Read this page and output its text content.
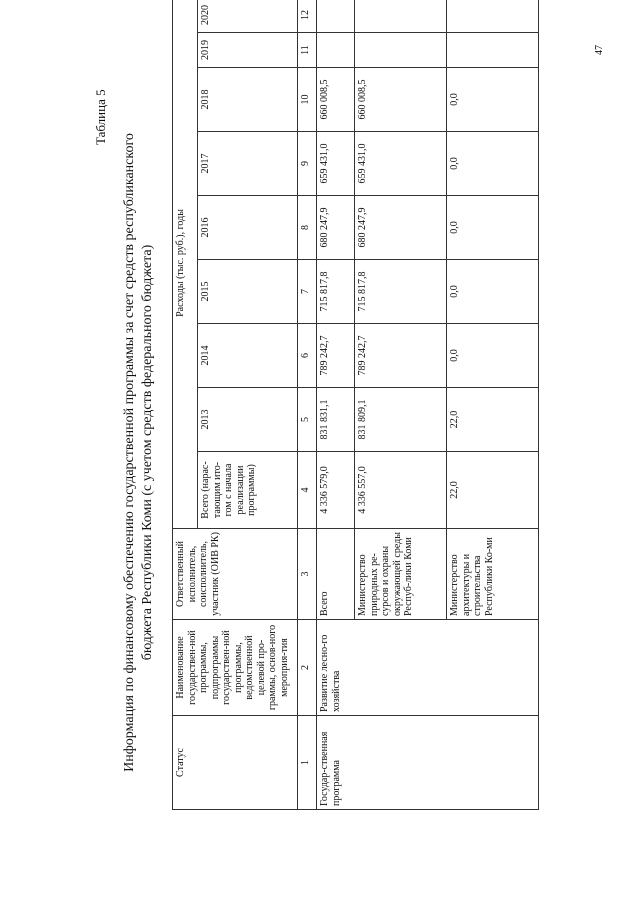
Таблица 5
Информация по финансовому обеспечению государственной программы за счет средств республиканского бюджета Республики Коми (с учетом средств федерального бюджета)
Статус	Наименование государствен-ной программы, подпрограммы государствен-ной программы, ведомственной целевой про-граммы, основ-ного мероприя-тия	Ответственный исполнитель, соисполнитель, участник (ОИВ РК)	Расходы (тыс. руб.), годы								
			Всего (нарас-тающим ито-гом с начала реализации программы)	2013	2014	2015	2016	2017	2018	2019	2020
1	2	3	4	5	6	7	8	9	10	11	12
Государ-ственная программа	Развитие лесно-го хозяйства	Всего	4 336 579,0	831 831,1	789 242,7	715 817,8	680 247,9	659 431,0	660 008,5		
		Министерство природных ре-сурсов и охраны окружающей среды Респуб-лики Коми	4 336 557,0	831 809,1	789 242,7	715 817,8	680 247,9	659 431,0	660 008,5		
		Министерство архитектуры и строительства Республики Ко-ми	22,0	22,0	0,0	0,0	0,0	0,0	0,0		
47
